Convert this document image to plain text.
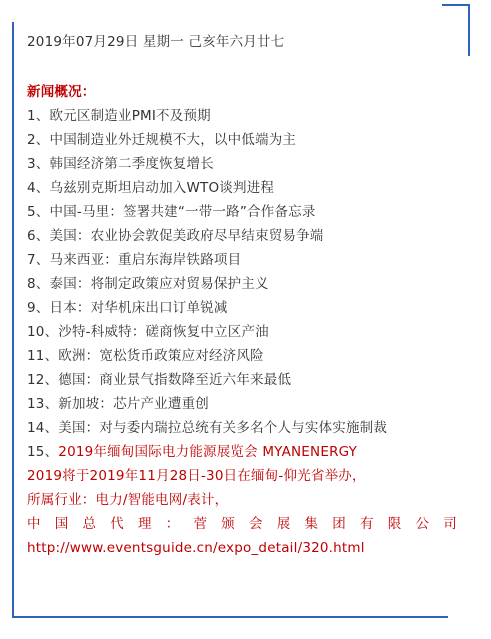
2019年07月29日 星期一 己亥年六月廿七

新闻概况：

1、欧元区制造业PMI不及预期

2、中国制造业外迁规模不大，以中低端为主

3、韩国经济第二季度恢复增长

4、乌兹别克斯坦启动加入WTO谈判进程

5、中国-马里：签署共建“一带一路”合作备忘录

6、美国：农业协会敦促美政府尽早结束贸易争端

7、马来西亚：重启东海岸铁路项目

8、泰国：将制定政策应对贸易保护主义

9、日本：对华机床出口订单锐减

10、沙特-科威特：磋商恢复中立区产油

11、欧洲：宽松货币政策应对经济风险

12、德国：商业景气指数降至近六年来最低

13、新加坡：芯片产业遭重创

14、美国：对与委内瑞拉总统有关多名个人与实体实施制裁

15、2019年缅甸国际电力能源展览会 MYANENERGY

2019将于2019年11月28日-30日在缅甸-仰光省举办，

所属行业：电力/智能电网/表计，

中国总代理：菅颁会展集团有限公司

http://www.eventsguide.cn/expo_detail/320.html
